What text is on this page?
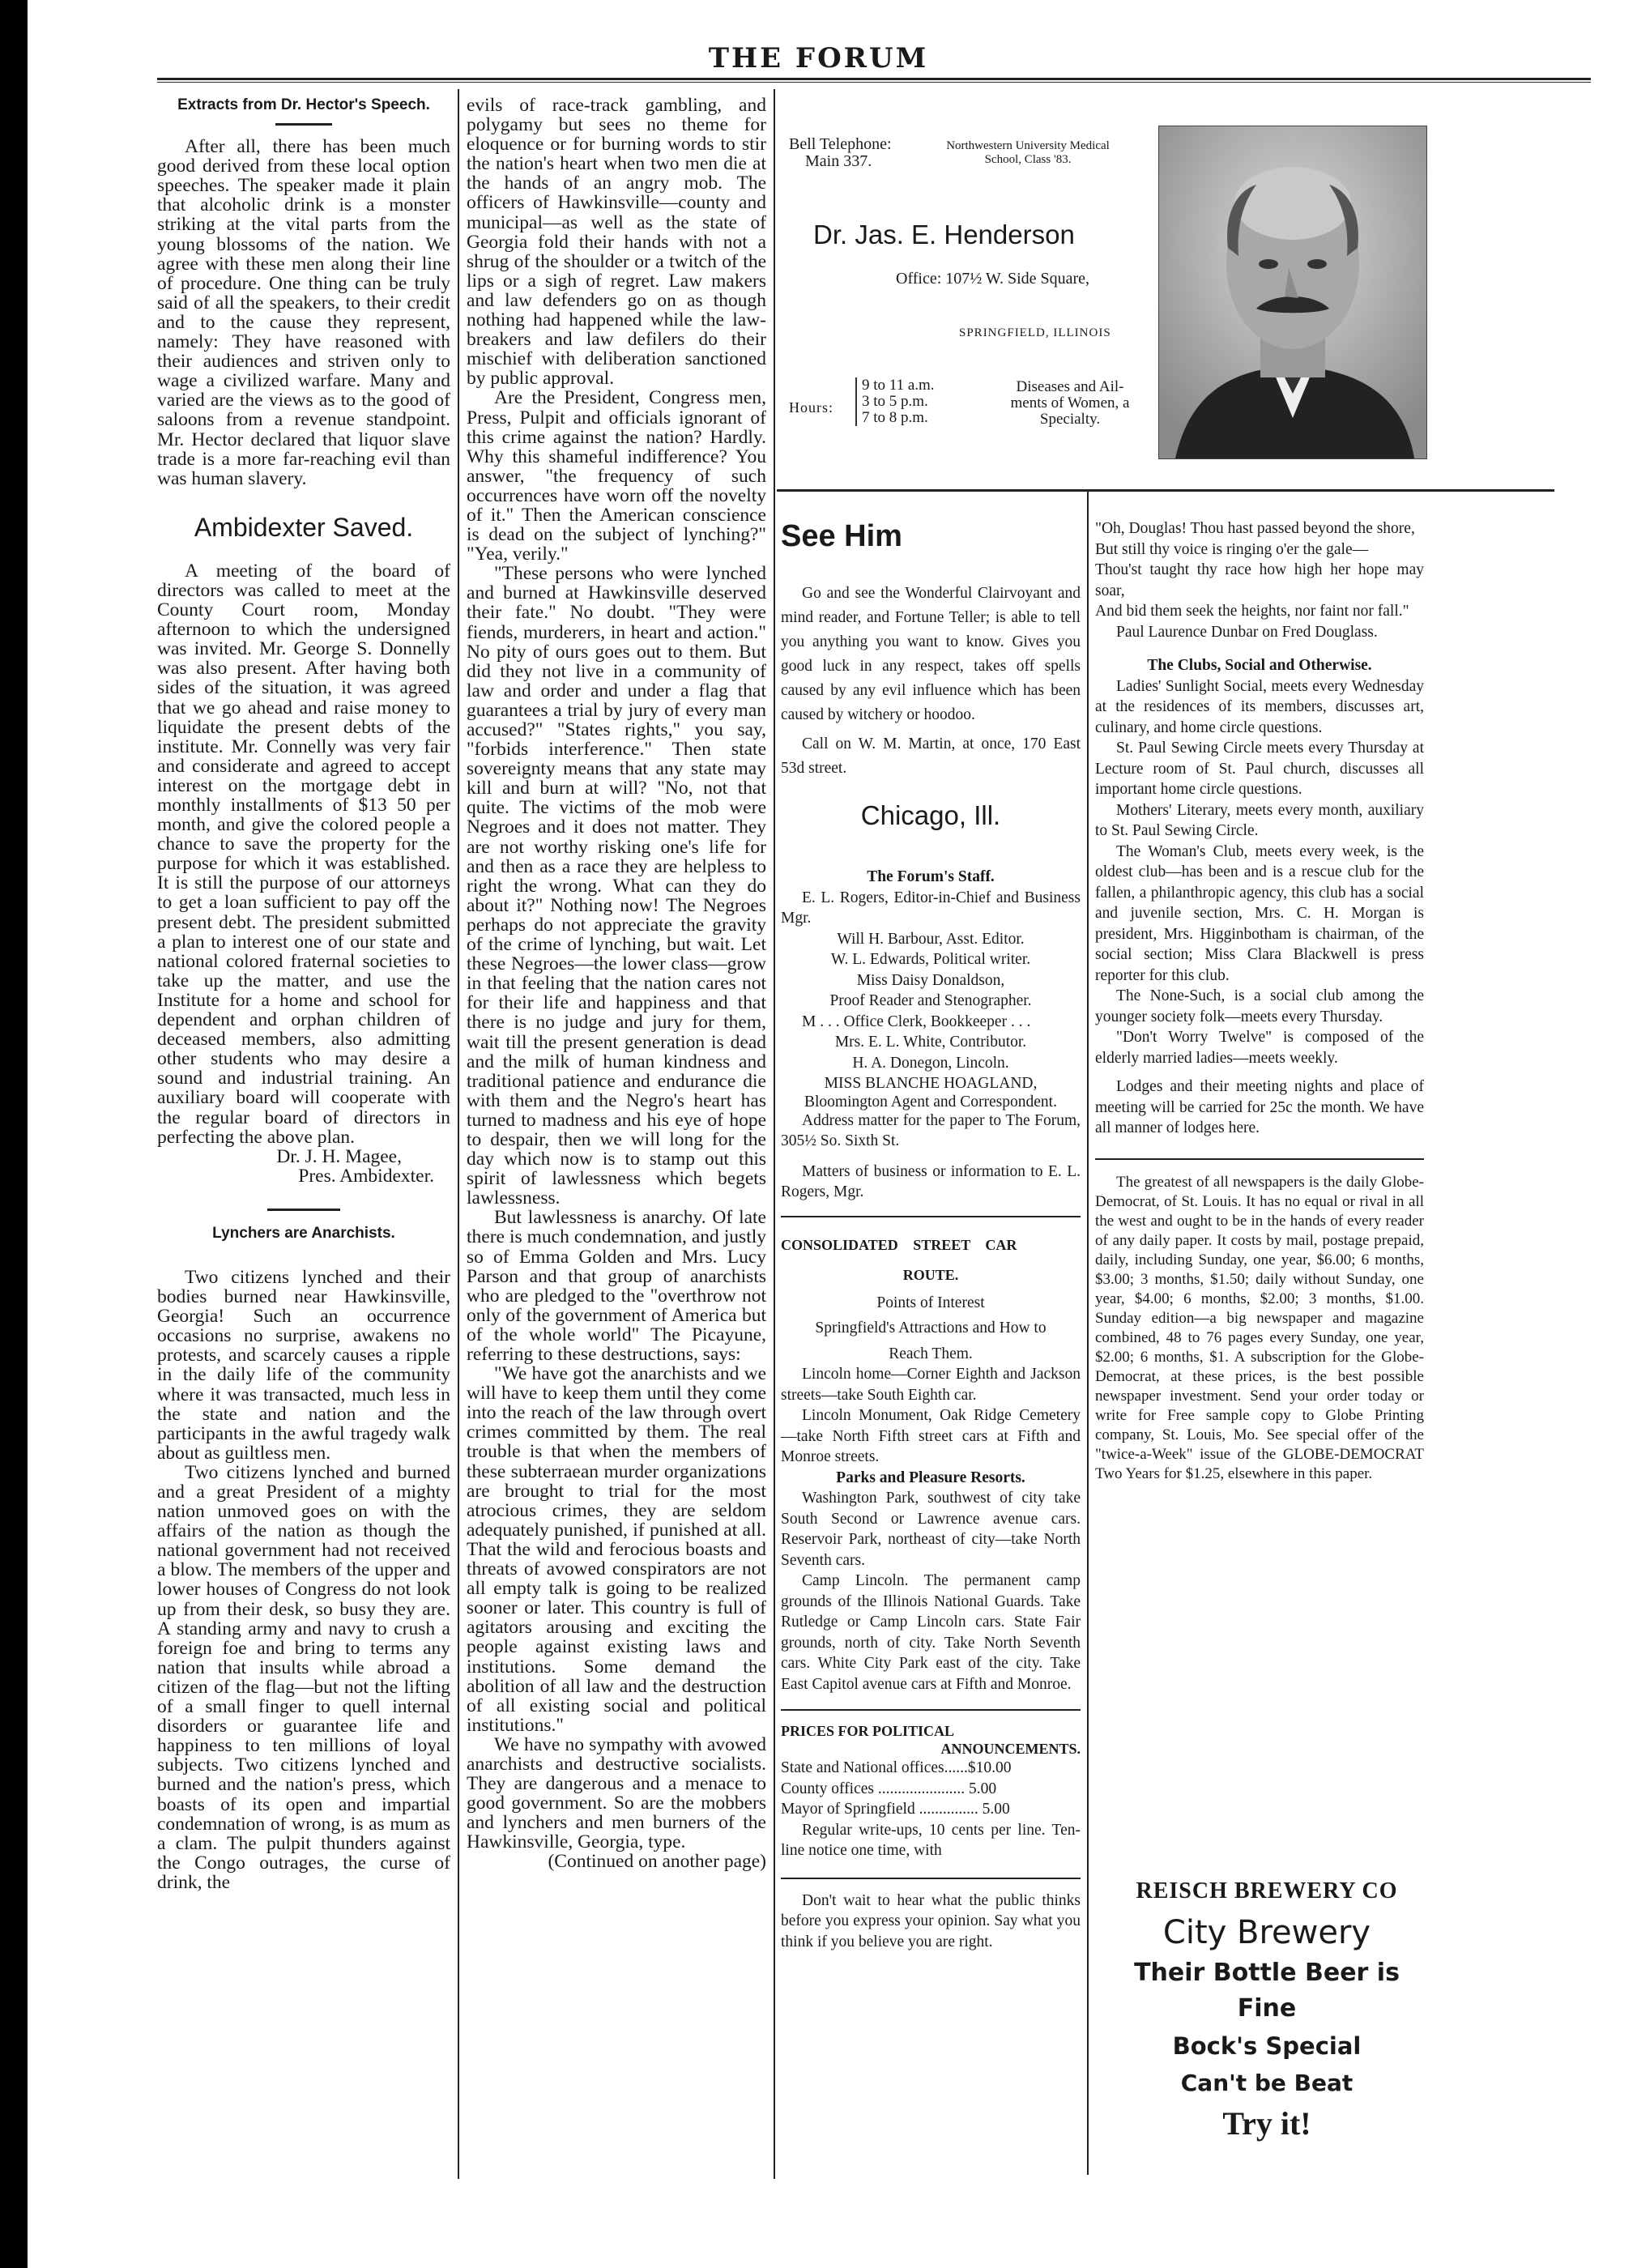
THE FORUM
Extracts from Dr. Hector's Speech.

After all, there has been much good derived from these local option speeches. The speaker made it plain that alcoholic drink is a monster striking at the vital parts from the young blossoms of the nation. We agree with these men along their line of procedure. One thing can be truly said of all the speakers, to their credit and to the cause they represent, namely: They have reasoned with their audiences and striven only to wage a civilized warfare. Many and varied are the views as to the good of saloons from a revenue standpoint. Mr. Hector declared that liquor slave trade is a more far-reaching evil than was human slavery.

Ambidexter Saved.

A meeting of the board of directors was called to meet at the County Court room, Monday afternoon to which the undersigned was invited. Mr. George S. Donnelly was also present. After having both sides of the situation, it was agreed that we go ahead and raise money to liquidate the present debts of the institute. Mr. Connelly was very fair and considerate and agreed to accept interest on the mortgage debt in monthly installments of $13 50 per month, and give the colored people a chance to save the property for the purpose for which it was established. It is still the purpose of our attorneys to get a loan sufficient to pay off the present debt. The president submitted a plan to interest one of our state and national colored fraternal societies to take up the matter, and use the Institute for a home and school for dependent and orphan children of deceased members, also admitting other students who may desire a sound and industrial training. An auxiliary board will cooperate with the regular board of directors in perfecting the above plan.

Dr. J. H. Magee,
Pres. Ambidexter.
Lynchers are Anarchists.

Two citizens lynched and their bodies burned near Hawkinsville, Georgia! Such an occurrence occasions no surprise, awakens no protests, and scarcely causes a ripple in the daily life of the community where it was transacted, much less in the state and nation and the participants in the awful tragedy walk about as guiltless men.

Two citizens lynched and burned and a great President of a mighty nation unmoved goes on with the affairs of the nation as though the national government had not received a blow. The members of the upper and lower houses of Congress do not look up from their desk, so busy they are. A standing army and navy to crush a foreign foe and bring to terms any nation that insults while abroad a citizen of the flag—but not the lifting of a small finger to quell internal disorders or guarantee life and happiness to ten millions of loyal subjects. Two citizens lynched and burned and the nation's press, which boasts of its open and impartial condemnation of wrong, is as mum as a clam. The pulpit thunders against the Congo outrages, the curse of drink, the

evils of race-track gambling, and polygamy but sees no theme for eloquence or for burning words to stir the nation's heart when two men die at the hands of an angry mob. The officers of Hawkinsville—county and municipal—as well as the state of Georgia fold their hands with not a shrug of the shoulder or a twitch of the lips or a sigh of regret. Law makers and law defenders go on as though nothing had happened while the law-breakers and law defilers do their mischief with deliberation sanctioned by public approval.

Are the President, Congress men, Press, Pulpit and officials ignorant of this crime against the nation? Hardly. Why this shameful indifference? You answer, "the frequency of such occurrences have worn off the novelty of it." Then the American conscience is dead on the subject of lynching?" "Yea, verily."

"These persons who were lynched and burned at Hawkinsville deserved their fate." No doubt. "They were fiends, murderers, in heart and action." No pity of ours goes out to them. But did they not live in a community of law and order and under a flag that guarantees a trial by jury of every man accused?" "States rights," you say, "forbids interference." Then state sovereignty means that any state may kill and burn at will? "No, not that quite. The victims of the mob were Negroes and it does not matter. They are not worthy risking one's life for and then as a race they are helpless to right the wrong. What can they do about it?" Nothing now! The Negroes perhaps do not appreciate the gravity of the crime of lynching, but wait. Let these Negroes—the lower class—grow in that feeling that the nation cares not for their life and happiness and that there is no judge and jury for them, wait till the present generation is dead and the milk of human kindness and traditional patience and endurance die with them and the Negro's heart has turned to madness and his eye of hope to despair, then we will long for the day which now is to stamp out this spirit of lawlessness which begets lawlessness.

But lawlessness is anarchy. Of late there is much condemnation, and justly so of Emma Golden and Mrs. Lucy Parson and that group of anarchists who are pledged to the "overthrow not only of the government of America but of the whole world" The Picayune, referring to these destructions, says:

"We have got the anarchists and we will have to keep them until they come into the reach of the law through overt crimes committed by them. The real trouble is that when the members of these subterraean murder organizations are brought to trial for the most atrocious crimes, they are seldom adequately punished, if punished at all. That the wild and ferocious boasts and threats of avowed conspirators are not all empty talk is going to be realized sooner or later. This country is full of agitators arousing and exciting the people against existing laws and institutions. Some demand the abolition of all law and the destruction of all existing social and political institutions."

We have no sympathy with avowed anarchists and destructive socialists. They are dangerous and a menace to good government. So are the mobbers and lynchers and men burners of the Hawkinsville, Georgia, type.

(Continued on another page)
Bell Telephone:
Main 337.
Northwestern University Medical
School, Class '83.
Dr. Jas. E. Henderson
Office: 107½ W. Side Square,
SPRINGFIELD, ILLINOIS
Hours:
9 to 11 a.m.
3 to 5 p.m.
7 to 8 p.m.
Diseases and Ail-
ments of Women, a
Specialty.
See Him

Go and see the Wonderful Clairvoyant and mind reader, and Fortune Teller; is able to tell you anything you want to know. Gives you good luck in any respect, takes off spells caused by any evil influence which has been caused by witchery or hoodoo.

Call on W. M. Martin, at once, 170 East 53d street.

Chicago, Ill.

The Forum's Staff.

E. L. Rogers, Editor-in-Chief and Business Mgr.

Will H. Barbour, Asst. Editor.

W. L. Edwards, Political writer.

Miss Daisy Donaldson,

Proof Reader and Stenographer.

M . . . Office Clerk, Bookkeeper . . .

Mrs. E. L. White, Contributor.

H. A. Donegon, Lincoln.

MISS BLANCHE HOAGLAND,

Bloomington Agent and Correspondent.

Address matter for the paper to The Forum, 305½ So. Sixth St.

Matters of business or information to E. L. Rogers, Mgr.

CONSOLIDATED STREET CAR

ROUTE.

Points of Interest

Springfield's Attractions and How to

Reach Them.

Lincoln home—Corner Eighth and Jackson streets—take South Eighth car.

Lincoln Monument, Oak Ridge Cemetery—take North Fifth street cars at Fifth and Monroe streets.

Parks and Pleasure Resorts.

Washington Park, southwest of city take South Second or Lawrence avenue cars. Reservoir Park, northeast of city—take North Seventh cars.

Camp Lincoln. The permanent camp grounds of the Illinois National Guards. Take Rutledge or Camp Lincoln cars. State Fair grounds, north of city. Take North Seventh cars. White City Park east of the city. Take East Capitol avenue cars at Fifth and Monroe.

PRICES FOR POLITICAL

ANNOUNCEMENTS.

State and National offices......$10.00

County offices ...................... 5.00

Mayor of Springfield ............... 5.00

Regular write-ups, 10 cents per line. Ten-line notice one time, with

Don't wait to hear what the public thinks before you express your opinion. Say what you think if you believe you are right.

"Oh, Douglas! Thou hast passed beyond the shore,

But still thy voice is ringing o'er the gale—

Thou'st taught thy race how high her hope may soar,

And bid them seek the heights, nor faint nor fall."

Paul Laurence Dunbar on Fred Douglass.

The Clubs, Social and Otherwise.

Ladies' Sunlight Social, meets every Wednesday at the residences of its members, discusses art, culinary, and home circle questions.

St. Paul Sewing Circle meets every Thursday at Lecture room of St. Paul church, discusses all important home circle questions.

Mothers' Literary, meets every month, auxiliary to St. Paul Sewing Circle.

The Woman's Club, meets every week, is the oldest club—has been and is a rescue club for the fallen, a philanthropic agency, this club has a social and juvenile section, Mrs. C. H. Morgan is president, Mrs. Higginbotham is chairman, of the social section; Miss Clara Blackwell is press reporter for this club.

The None-Such, is a social club among the younger society folk—meets every Thursday.

"Don't Worry Twelve" is composed of the elderly married ladies—meets weekly.

Lodges and their meeting nights and place of meeting will be carried for 25c the month. We have all manner of lodges here.

The greatest of all newspapers is the daily Globe-Democrat, of St. Louis. It has no equal or rival in all the west and ought to be in the hands of every reader of any daily paper. It costs by mail, postage prepaid, daily, including Sunday, one year, $6.00; 6 months, $3.00; 3 months, $1.50; daily without Sunday, one year, $4.00; 6 months, $2.00; 3 months, $1.00. Sunday edition—a big newspaper and magazine combined, 48 to 76 pages every Sunday, one year, $2.00; 6 months, $1. A subscription for the Globe-Democrat, at these prices, is the best possible newspaper investment. Send your order today or write for Free sample copy to Globe Printing company, St. Louis, Mo. See special offer of the "twice-a-Week" issue of the GLOBE-DEMOCRAT Two Years for $1.25, elsewhere in this paper.

REISCH BREWERY CO
City Brewery
Their Bottle Beer is Fine
Bock's Special
Can't be Beat
Try it!
